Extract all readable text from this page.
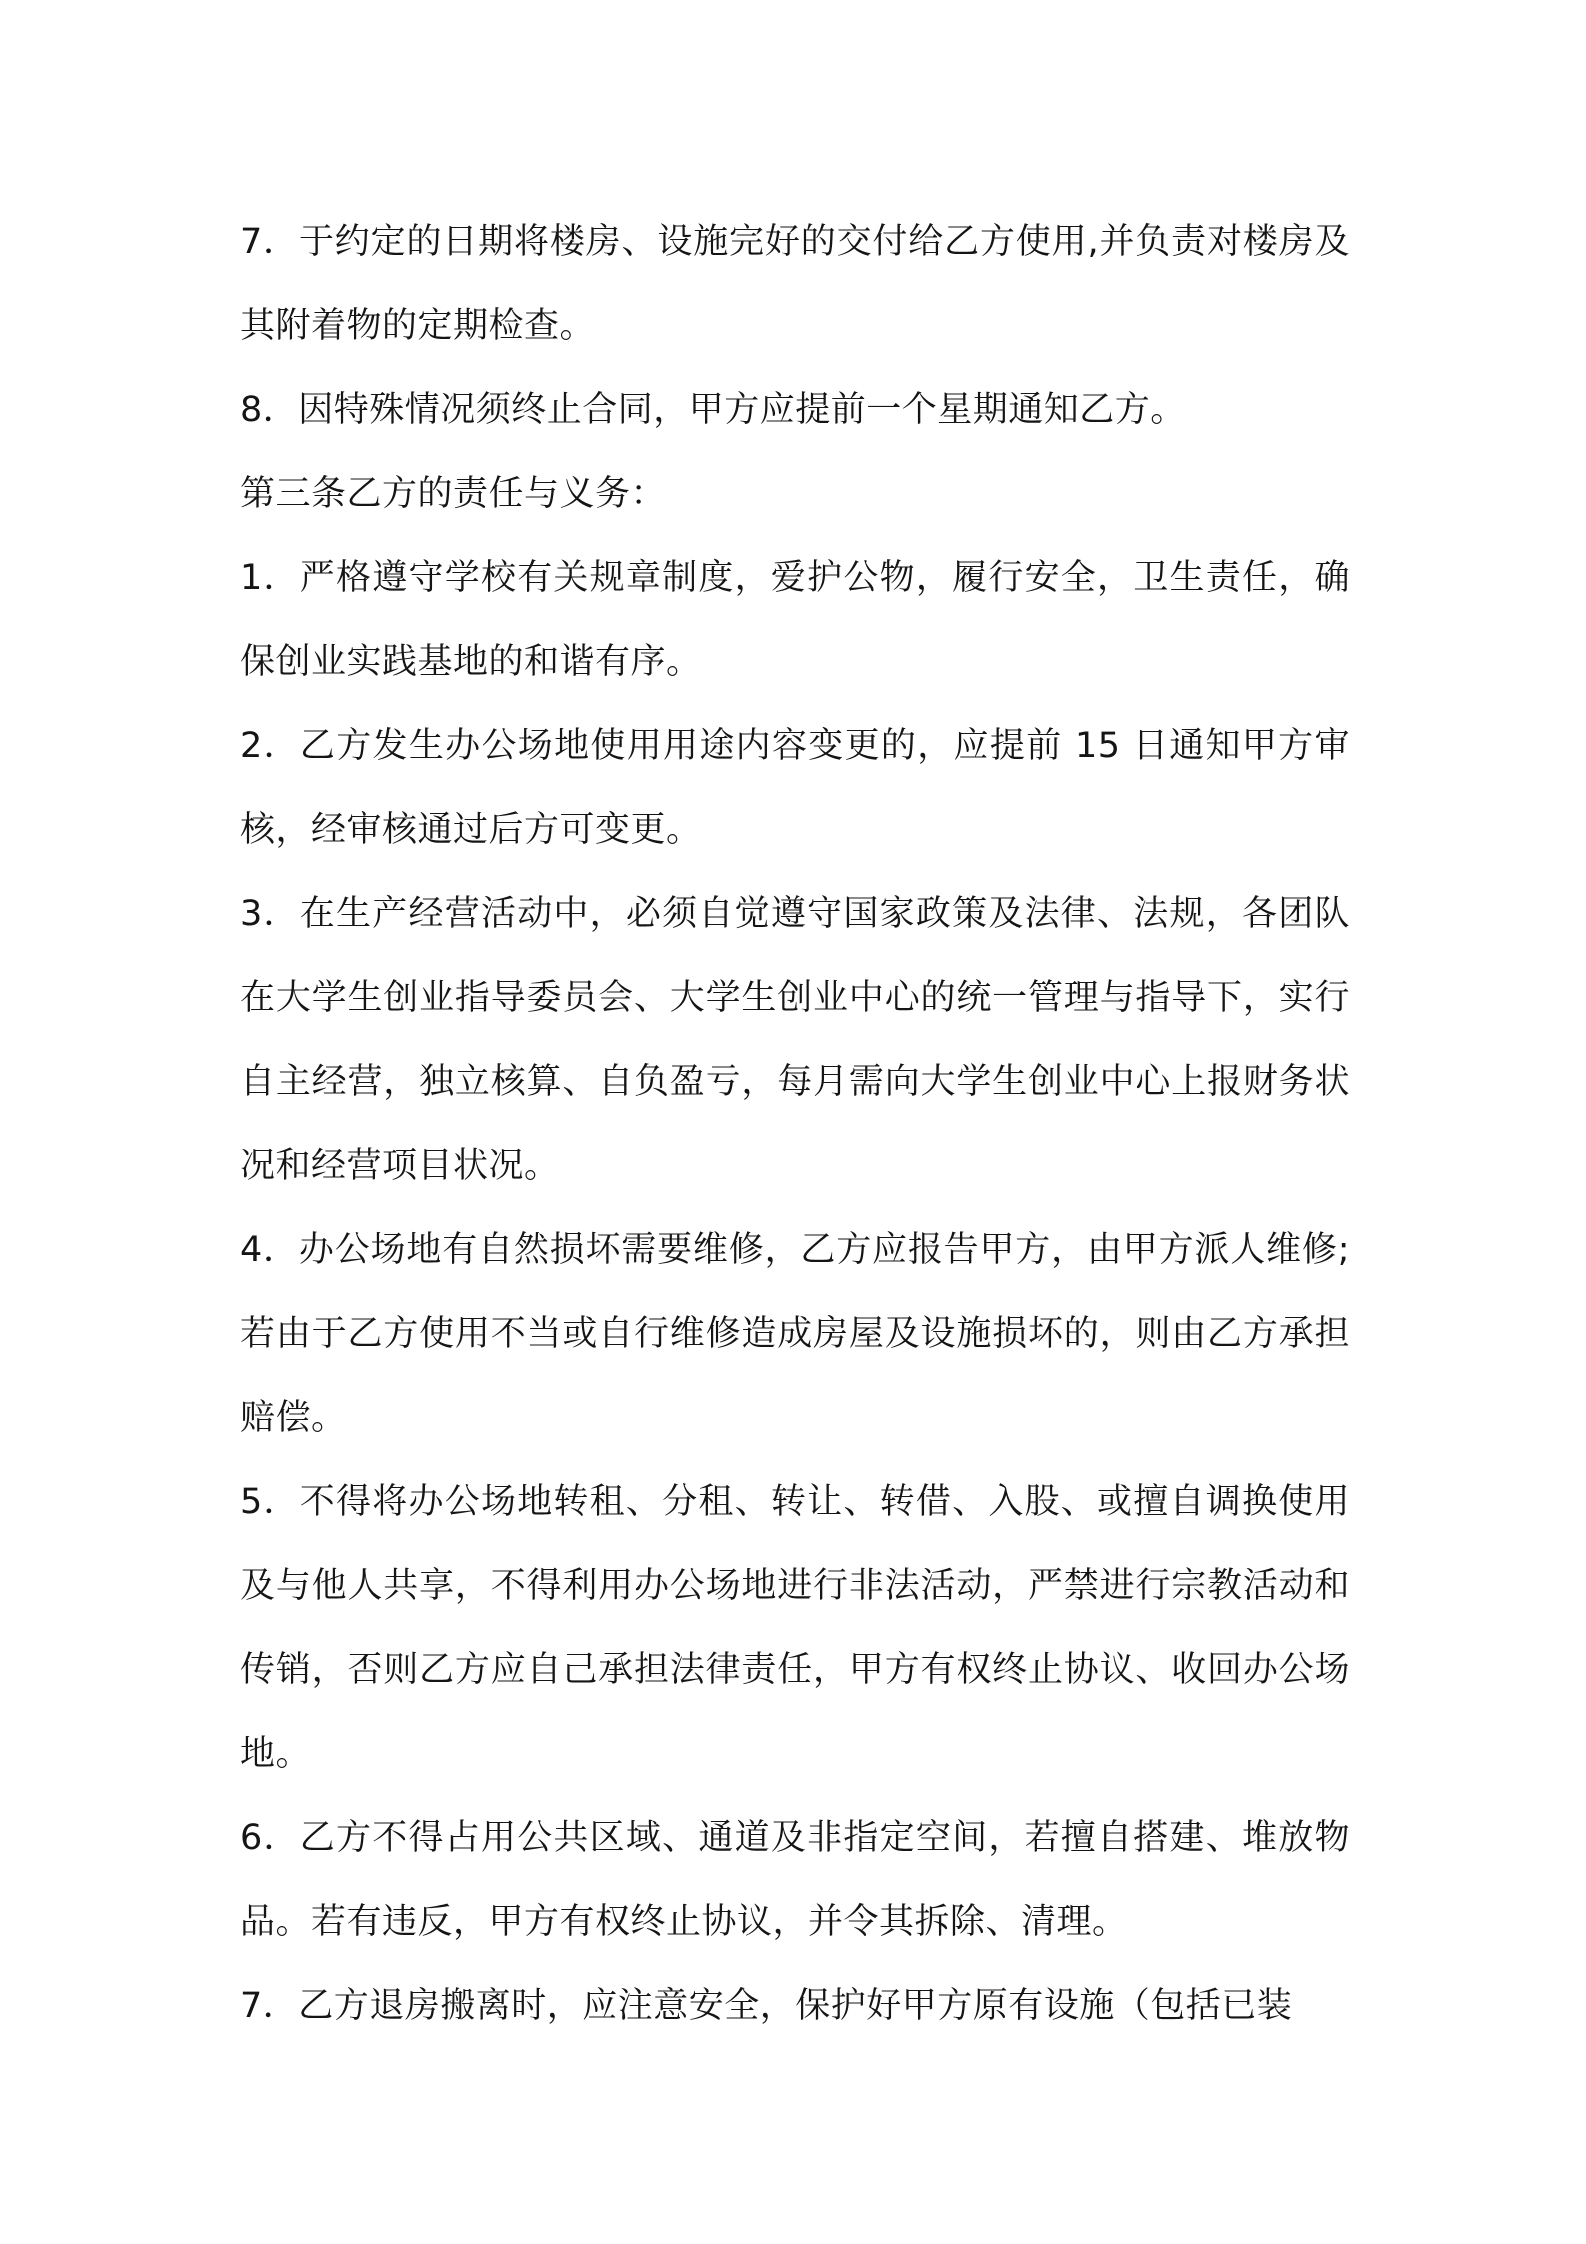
7．于约定的日期将楼房、设施完好的交付给乙方使用,并负责对楼房及其附着物的定期检查。

8．因特殊情况须终止合同，甲方应提前一个星期通知乙方。

第三条乙方的责任与义务：

1．严格遵守学校有关规章制度，爱护公物，履行安全，卫生责任，确保创业实践基地的和谐有序。

2．乙方发生办公场地使用用途内容变更的，应提前 15 日通知甲方审核，经审核通过后方可变更。

3．在生产经营活动中，必须自觉遵守国家政策及法律、法规，各团队在大学生创业指导委员会、大学生创业中心的统一管理与指导下，实行自主经营，独立核算、自负盈亏，每月需向大学生创业中心上报财务状况和经营项目状况。

4．办公场地有自然损坏需要维修，乙方应报告甲方，由甲方派人维修; 若由于乙方使用不当或自行维修造成房屋及设施损坏的，则由乙方承担赔偿。

5．不得将办公场地转租、分租、转让、转借、入股、或擅自调换使用及与他人共享，不得利用办公场地进行非法活动，严禁进行宗教活动和传销，否则乙方应自己承担法律责任，甲方有权终止协议、收回办公场地。

6．乙方不得占用公共区域、通道及非指定空间，若擅自搭建、堆放物品。若有违反，甲方有权终止协议，并令其拆除、清理。

7．乙方退房搬离时，应注意安全，保护好甲方原有设施（包括已装
